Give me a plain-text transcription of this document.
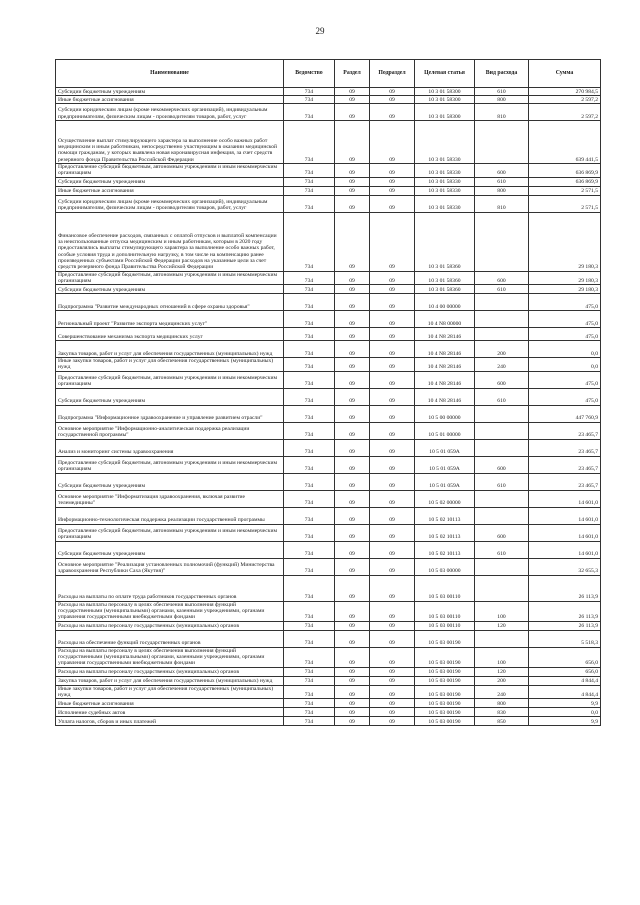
29
Наименование	Ведомство	Раздел	Подраздел	Целевая статья	Вид расхода	Сумма
Субсидии бюджетным учреждениям	734	09	09	10 3 01 58300	610	270 984,5
Иные бюджетные ассигнования	734	09	09	10 3 01 58300	800	2 597,2
Субсидии юридическим лицам (кроме некоммерческих организаций), индивидуальным предпринимателям, физическим лицам - производителям товаров, работ, услуг	734	09	09	10 3 01 58300	810	2 597,2
Осуществление выплат стимулирующего характера за выполнение особо важных работ медицинским и иным работникам, непосредственно участвующим в оказании медицинской помощи гражданам, у которых выявлена новая коронавирусная инфекция, за счет средств резервного фонда Правительства Российской Федерации	734	09	09	10 3 01 58330		639 441,5
Предоставление субсидий бюджетным, автономным учреждениям и иным некоммерческим организациям	734	09	09	10 3 01 58330	600	636 869,9
Субсидии бюджетным учреждениям	734	09	09	10 3 01 58330	610	636 869,9
Иные бюджетные ассигнования	734	09	09	10 3 01 58330	800	2 571,5
Субсидии юридическим лицам (кроме некоммерческих организаций), индивидуальным предпринимателям, физическим лицам - производителям товаров, работ, услуг	734	09	09	10 3 01 58330	810	2 571,5
Финансовое обеспечение расходов, связанных с оплатой отпусков и выплатой компенсации за неиспользованные отпуска медицинским и иным работникам, которым в 2020 году предоставлялись выплаты стимулирующего характера за выполнение особо важных работ, особые условия труда и дополнительную нагрузку, в том числе на компенсацию ранее произведенных субъектами Российской Федерации расходов на указанные цели за счет средств резервного фонда Правительства Российской Федерации	734	09	09	10 3 01 58360		29 180,3
Предоставление субсидий бюджетным, автономным учреждениям и иным некоммерческим организациям	734	09	09	10 3 01 58360	600	29 180,3
Субсидии бюджетным учреждениям	734	09	09	10 3 01 58360	610	29 180,3
Подпрограмма "Развитие международных отношений в сфере охраны здоровья"	734	09	09	10 4 00 00000		475,0
Региональный проект "Развитие экспорта медицинских услуг"	734	09	09	10 4 N8 00000		475,0
Совершенствование механизма экспорта медицинских услуг	734	09	09	10 4 N8 28146		475,0
Закупка товаров, работ и услуг для обеспечения государственных (муниципальных) нужд	734	09	09	10 4 N8 28146	200	0,0
Иные закупки товаров, работ и услуг для обеспечения государственных (муниципальных) нужд	734	09	09	10 4 N8 28146	240	0,0
Предоставление субсидий бюджетным, автономным учреждениям и иным некоммерческим организациям	734	09	09	10 4 N8 28146	600	475,0
Субсидии бюджетным учреждениям	734	09	09	10 4 N8 28146	610	475,0
Подпрограмма "Информационное здравоохранение и управление развитием отрасли"	734	09	09	10 5 00 00000		447 760,9
Основное мероприятие "Информационно-аналитическая поддержка реализации государственной программы"	734	09	09	10 5 01 00000		23 465,7
Анализ и мониторинг системы здравоохранения	734	09	09	10 5 01 059A		23 465,7
Предоставление субсидий бюджетным, автономным учреждениям и иным некоммерческим организациям	734	09	09	10 5 01 059A	600	23 465,7
Субсидии бюджетным учреждениям	734	09	09	10 5 01 059A	610	23 465,7
Основное мероприятие "Информатизация здравоохранения, включая развитие телемедицины"	734	09	09	10 5 02 00000		14 601,0
Информационно-технологическая поддержка реализации государственной программы	734	09	09	10 5 02 10113		14 601,0
Предоставление субсидий бюджетным, автономным учреждениям и иным некоммерческим организациям	734	09	09	10 5 02 10113	600	14 601,0
Субсидии бюджетным учреждениям	734	09	09	10 5 02 10113	610	14 601,0
Основное мероприятие "Реализация установленных полномочий (функций) Министерства здравоохранения Республики Саха (Якутия)"	734	09	09	10 5 03 00000		32 655,3
Расходы на выплаты по оплате труда работников государственных органов	734	09	09	10 5 03 00110		26 113,9
Расходы на выплаты персоналу в целях обеспечения выполнения функций государственными (муниципальными) органами, казенными учреждениями, органами управления государственными внебюджетными фондами	734	09	09	10 5 03 00110	100	26 113,9
Расходы на выплаты персоналу государственных (муниципальных) органов	734	09	09	10 5 03 00110	120	26 113,9
Расходы на обеспечение функций государственных органов	734	09	09	10 5 03 00190		5 518,3
Расходы на выплаты персоналу в целях обеспечения выполнения функций государственными (муниципальными) органами, казенными учреждениями, органами управления государственными внебюджетными фондами	734	09	09	10 5 03 00190	100	656,0
Расходы на выплаты персоналу государственных (муниципальных) органов	734	09	09	10 5 03 00190	120	656,0
Закупка товаров, работ и услуг для обеспечения государственных (муниципальных) нужд	734	09	09	10 5 03 00190	200	4 844,4
Иные закупки товаров, работ и услуг для обеспечения государственных (муниципальных) нужд	734	09	09	10 5 03 00190	240	4 844,4
Иные бюджетные ассигнования	734	09	09	10 5 03 00190	800	9,9
Исполнение судебных актов	734	09	09	10 5 03 00190	830	0,0
Уплата налогов, сборов и иных платежей	734	09	09	10 5 03 00190	850	9,9
